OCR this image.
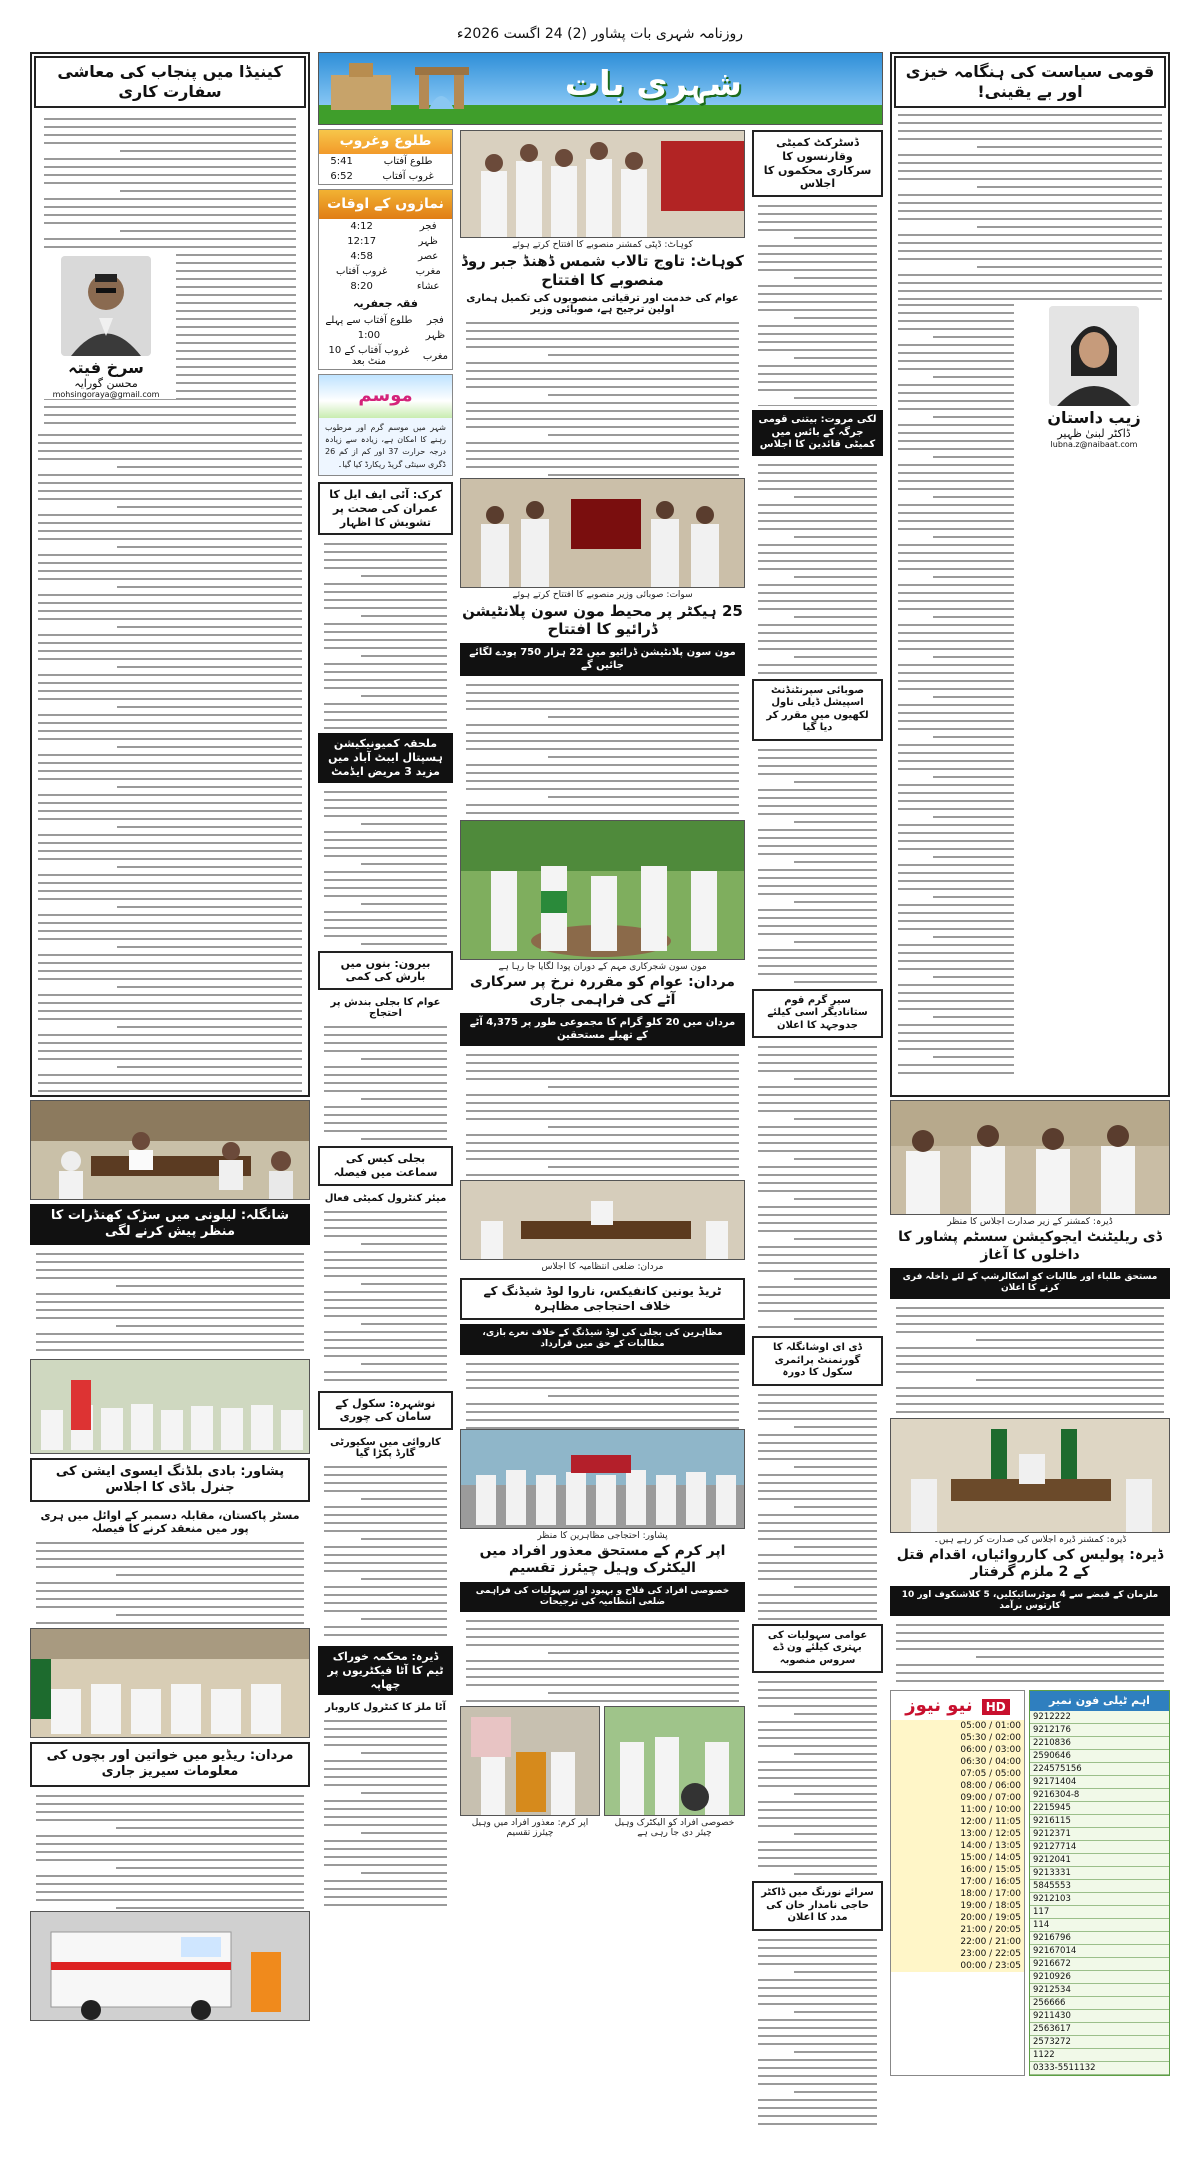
روزنامہ شہری بات پشاور (2) 24 اگست 2026ء
کینیڈا میں پنجاب کی معاشی سفارت کاری
سرخ فیتہ
محسن گورایہ
mohsingoraya@gmail.com
شانگلہ: لیلونی میں سڑک کھنڈرات کا منظر پیش کرنے لگی
پشاور: بادی بلڈنگ ایسوی ایشن کی جنرل باڈی کا اجلاس
مسٹر پاکستان، مقابلہ دسمبر کے اوائل میں ہری پور میں منعقد کرنے کا فیصلہ
مردان: ریڈیو میں خواتین اور بچوں کی معلومات سیریز جاری
طلوع وغروب
طلوع آفتاب	5:41
غروب آفتاب	6:52
نمازوں کے اوقات
فجر	4:12
ظہر	12:17
عصر	4:58
مغرب	غروب آفتاب
عشاء	8:20
فقہ جعفریہ
فجر	طلوع آفتاب سے پہلے
ظہر	1:00
مغرب	غروب آفتاب کے 10 منٹ بعد
موسم
شہر میں موسم گرم اور مرطوب رہنے کا امکان ہے، زیادہ سے زیادہ درجہ حرارت 37 اور کم از کم 26 ڈگری سینٹی گریڈ ریکارڈ کیا گیا۔
کرک: آئی ایف ایل کا عمران کی صحت پر تشویش کا اظہار
ملحقہ کمیونیکیشن ہسپتال ایبٹ آباد میں مزید 3 مریض ایڈمٹ
بیرون: بنوں میں بارش کی کمی
عوام کا بجلی بندش پر احتجاج
بجلی کیس کی سماعت میں فیصلہ
میئر کنٹرول کمیٹی فعال
نوشہرہ: سکول کے سامان کی چوری
کاروائی میں سکیورٹی گارڈ پکڑا گیا
ڈیرہ: محکمہ خوراک ٹیم کا آٹا فیکٹریوں پر چھاپہ
آٹا ملز کا کنٹرول کاروبار
شہری بات
کوہاٹ: ڈپٹی کمشنر منصوبے کا افتتاح کرتے ہوئے
کوہاٹ: تاوج تالاب شمس ڈھنڈ جبر روڈ منصوبے کا افتتاح
عوام کی خدمت اور ترقیاتی منصوبوں کی تکمیل ہماری اولین ترجیح ہے، صوبائی وزیر
سوات: صوبائی وزیر منصوبے کا افتتاح کرتے ہوئے
25 ہیکٹر پر محیط مون سون پلانٹیشن ڈرائیو کا افتتاح
مون سون پلانٹیشن ڈرائیو میں 22 ہزار 750 پودے لگائے جائیں گے
مون سون شجرکاری مہم کے دوران پودا لگایا جا رہا ہے
مردان: عوام کو مقررہ نرخ پر سرکاری آٹے کی فراہمی جاری
مردان میں 20 کلو گرام کا مجموعی طور پر 4,375 آٹے کے تھیلے مستحقین
مردان: ضلعی انتظامیہ کا اجلاس
ٹریڈ یونین کانفیکس، ناروا لوڈ شیڈنگ کے خلاف احتجاجی مظاہرہ
مظاہرین کی بجلی کی لوڈ شیڈنگ کے خلاف نعرے بازی، مطالبات کے حق میں قرارداد
پشاور: احتجاجی مظاہرین کا منظر
اپر کرم کے مستحق معذور افراد میں الیکٹرک وہیل چیئرز تقسیم
خصوصی افراد کی فلاح و بہبود اور سہولیات کی فراہمی ضلعی انتظامیہ کی ترجیحات
اپر کرم: معذور افراد میں وہیل چیئرز تقسیم
خصوصی افراد کو الیکٹرک وہیل چیئر دی جا رہی ہے
ڈسٹرکٹ کمیٹی وقارنسوں کا سرکاری محکموں کا اجلاس
لکی مروت: بیتنی قومی جرگہ کے بائس میں کمیٹی قائدین کا اجلاس
صوبائی سپرنٹنڈنٹ اسپیشل ڈیلی ناول لکھیوں میں مقرر کر دیا گیا
سیر گرم قوم ستانادیگر اسی کیلئے جدوجہد کا اعلان
ڈی ای اوشانگلہ کا گورنمنٹ پرائمری سکول کا دورہ
عوامی سہولیات کی بہتری کیلئے ون ڈے سروس منصوبہ
سرائے نورنگ میں ڈاکٹر حاجی نامدار خان کی مدد کا اعلان
قومی سیاست کی ہنگامہ خیزی اور بے یقینی!
زیب داستان
ڈاکٹر لبنیٰ ظہیر
lubna.z@naibaat.com
ڈیرہ: کمشنر کے زیر صدارت اجلاس کا منظر
ڈی ریلیٹنٹ ایجوکیشن سسٹم پشاور کا داخلوں کا آغاز
مستحق طلباء اور طالبات کو اسکالرشپ کے لئے داخلہ فری کرنے کا اعلان
ڈیرہ: کمشنر ڈیرہ اجلاس کی صدارت کر رہے ہیں۔
ڈیرہ: پولیس کی کارروائیاں، اقدام قتل کے 2 ملزم گرفتار
ملزمان کے قبضے سے 4 موٹرسائیکلیں، 5 کلاشنکوف اور 10 کارتوس برآمد
نیو نیوز HD
01:00 / 05:00
02:00 / 05:30
03:00 / 06:00
04:00 / 06:30
05:00 / 07:05
06:00 / 08:00
07:00 / 09:00
10:00 / 11:00
11:05 / 12:00
12:05 / 13:00
13:05 / 14:00
14:05 / 15:00
15:05 / 16:00
16:05 / 17:00
17:00 / 18:00
18:05 / 19:00
19:05 / 20:00
20:05 / 21:00
21:00 / 22:00
22:05 / 23:00
23:05 / 00:00
اہم ٹیلی فون نمبر
9212222
9212176
2210836
2590646
224575156
92171404
9216304-8
2215945
9216115
9212371
92127714
9212041
9213331
5845553
9212103
117
114
9216796
92167014
9216672
9210926
9212534
256666
9211430
2563617
2573272
1122
0333-5511132
